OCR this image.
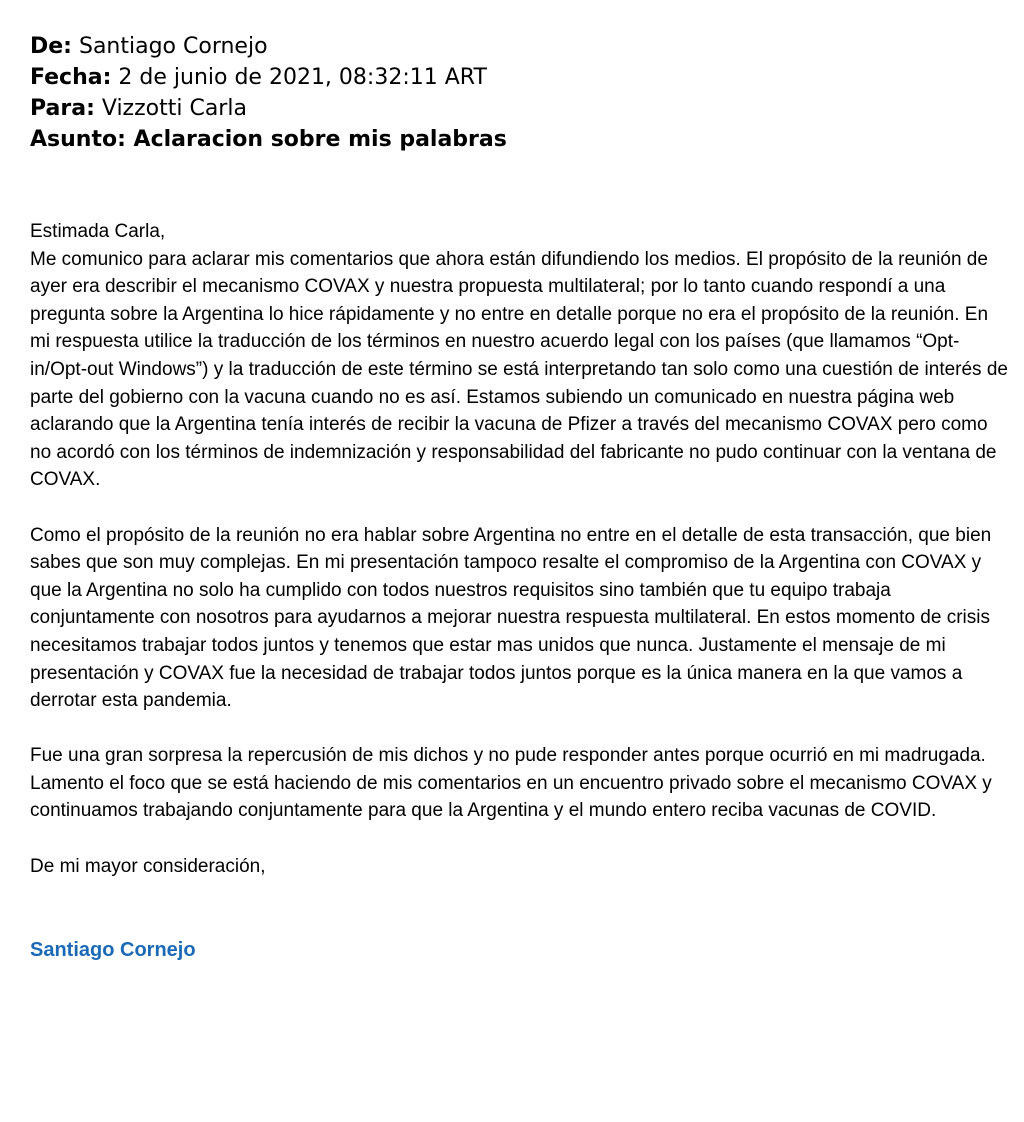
De: Santiago Cornejo
Fecha: 2 de junio de 2021, 08:32:11 ART
Para: Vizzotti Carla
Asunto: Aclaracion sobre mis palabras
Estimada Carla,
Me comunico para aclarar mis comentarios que ahora están difundiendo los medios. El propósito de la reunión de ayer era describir el mecanismo COVAX y nuestra propuesta multilateral; por lo tanto cuando respondí a una pregunta sobre la Argentina lo hice rápidamente y no entre en detalle porque no era el propósito de la reunión. En mi respuesta utilice la traducción de los términos en nuestro acuerdo legal con los países (que llamamos “Opt-in/Opt-out Windows”) y la traducción de este término se está interpretando tan solo como una cuestión de interés de parte del gobierno con la vacuna cuando no es así. Estamos subiendo un comunicado en nuestra página web aclarando que la Argentina tenía interés de recibir la vacuna de Pfizer a través del mecanismo COVAX pero como no acordó con los términos de indemnización y responsabilidad del fabricante no pudo continuar con la ventana de COVAX.

Como el propósito de la reunión no era hablar sobre Argentina no entre en el detalle de esta transacción, que bien sabes que son muy complejas. En mi presentación tampoco resalte el compromiso de la Argentina con COVAX y que la Argentina no solo ha cumplido con todos nuestros requisitos sino también que tu equipo trabaja conjuntamente con nosotros para ayudarnos a mejorar nuestra respuesta multilateral. En estos momento de crisis necesitamos trabajar todos juntos y tenemos que estar mas unidos que nunca. Justamente el mensaje de mi presentación y COVAX fue la necesidad de trabajar todos juntos porque es la única manera en la que vamos a derrotar esta pandemia.

Fue una gran sorpresa la repercusión de mis dichos y no pude responder antes porque ocurrió en mi madrugada. Lamento el foco que se está haciendo de mis comentarios en un encuentro privado sobre el mecanismo COVAX y continuamos trabajando conjuntamente para que la Argentina y el mundo entero reciba vacunas de COVID.

De mi mayor consideración,

Santiago Cornejo
